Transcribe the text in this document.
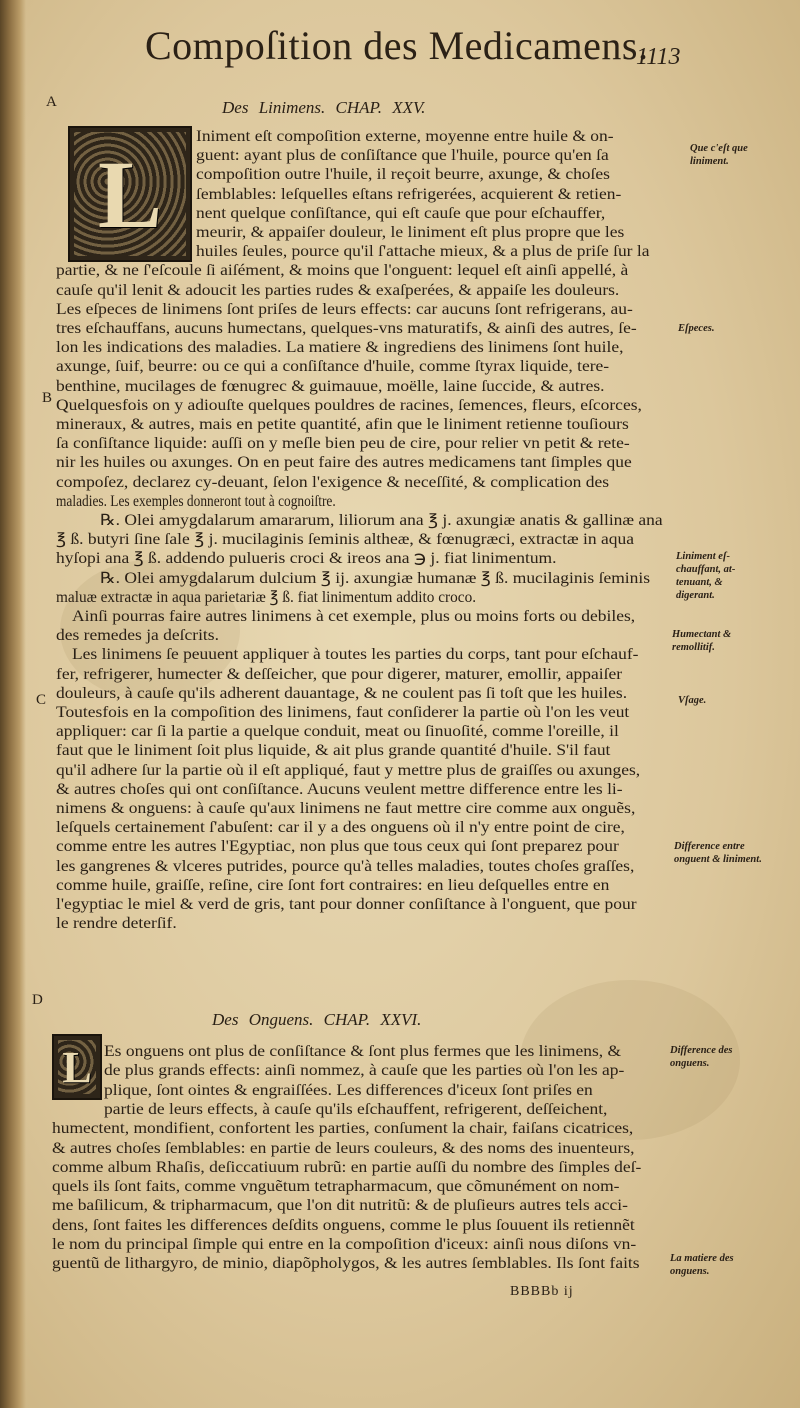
Compoſition des Medicamens.
1113
A
B
C
D
Des Linimens. CHAP. XXV.
L
Iniment eſt compoſition externe, moyenne entre huile & on-
guent: ayant plus de conſiſtance que l'huile, pource qu'en ſa
compoſition outre l'huile, il reçoit beurre, axunge, & choſes
ſemblables: leſquelles eſtans refrigerées, acquierent & retien-
nent quelque conſiſtance, qui eſt cauſe que pour eſchauffer,
meurir, & appaiſer douleur, le liniment eſt plus propre que les
huiles ſeules, pource qu'il ſ'attache mieux, & a plus de priſe ſur la
partie, & ne ſ'eſcoule ſi aiſément, & moins que l'onguent: lequel eſt ainſi appellé, à
cauſe qu'il lenit & adoucit les parties rudes & exaſperées, & appaiſe les douleurs.
Les eſpeces de linimens ſont priſes de leurs effects: car aucuns ſont refrigerans, au-
tres eſchauffans, aucuns humectans, quelques-vns maturatifs, & ainſi des autres, ſe-
lon les indications des maladies. La matiere & ingrediens des linimens ſont huile,
axunge, ſuif, beurre: ou ce qui a conſiſtance d'huile, comme ſtyrax liquide, tere-
benthine, mucilages de fœnugrec & guimauue, moëlle, laine ſuccide, & autres.
Quelquesfois on y adiouſte quelques pouldres de racines, ſemences, fleurs, eſcorces,
mineraux, & autres, mais en petite quantité, afin que le liniment retienne touſiours
ſa conſiſtance liquide: auſſi on y meſle bien peu de cire, pour relier vn petit & rete-
nir les huiles ou axunges. On en peut faire des autres medicamens tant ſimples que
compoſez, declarez cy-deuant, ſelon l'exigence & neceſſité, & complication des
maladies. Les exemples donneront tout à cognoiſtre.
℞. Olei amygdalarum amararum, liliorum ana ℥ j. axungiæ anatis & gallinæ ana
℥ ß. butyri ſine ſale ℥ j. mucilaginis ſeminis altheæ, & fœnugræci, extractæ in aqua
hyſopi ana ℥ ß. addendo pulueris croci & ireos ana ℈ j. fiat linimentum.
℞. Olei amygdalarum dulcium ℥ ij. axungiæ humanæ ℥ ß. mucilaginis ſeminis
maluæ extractæ in aqua parietariæ ℥ ß. fiat linimentum addito croco.
Ainſi pourras faire autres linimens à cet exemple, plus ou moins forts ou debiles,
des remedes ja deſcrits.
Les linimens ſe peuuent appliquer à toutes les parties du corps, tant pour eſchauf-
fer, refrigerer, humecter & deſſeicher, que pour digerer, maturer, emollir, appaiſer
douleurs, à cauſe qu'ils adherent dauantage, & ne coulent pas ſi toſt que les huiles.
Toutesfois en la compoſition des linimens, faut conſiderer la partie où l'on les veut
appliquer: car ſi la partie a quelque conduit, meat ou ſinuoſité, comme l'oreille, il
faut que le liniment ſoit plus liquide, & ait plus grande quantité d'huile. S'il faut
qu'il adhere ſur la partie où il eſt appliqué, faut y mettre plus de graiſſes ou axunges,
& autres choſes qui ont conſiſtance. Aucuns veulent mettre difference entre les li-
nimens & onguens: à cauſe qu'aux linimens ne faut mettre cire comme aux onguẽs,
leſquels certainement ſ'abuſent: car il y a des onguens où il n'y entre point de cire,
comme entre les autres l'Egyptiac, non plus que tous ceux qui ſont preparez pour
les gangrenes & vlceres putrides, pource qu'à telles maladies, toutes choſes graſſes,
comme huile, graiſſe, reſine, cire ſont fort contraires: en lieu deſquelles entre en
l'egyptiac le miel & verd de gris, tant pour donner conſiſtance à l'onguent, que pour
le rendre deterſif.
Que c'eſt que liniment.
Eſpeces.
Liniment eſ-chauffant, at-tenuant, & digerant.
Humectant & remollitif.
Vſage.
Difference entre onguent & liniment.
Des Onguens. CHAP. XXVI.
L Es onguens ont plus de conſiſtance & ſont plus fermes que les linimens, &
de plus grands effects: ainſi nommez, à cauſe que les parties où l'on les ap-
plique, ſont ointes & engraiſſées. Les differences d'iceux ſont priſes en
partie de leurs effects, à cauſe qu'ils eſchauffent, refrigerent, deſſeichent,
humectent, mondifient, confortent les parties, conſument la chair, faiſans cicatrices,
& autres choſes ſemblables: en partie de leurs couleurs, & des noms des inuenteurs,
comme album Rhaſis, deſiccatiuum rubrũ: en partie auſſi du nombre des ſimples deſ-
quels ils ſont faits, comme vnguẽtum tetrapharmacum, que cõmunément on nom-
me baſilicum, & tripharmacum, que l'on dit nutritũ: & de pluſieurs autres tels acci-
dens, ſont faites les differences deſdits onguens, comme le plus ſouuent ils retiennẽt
le nom du principal ſimple qui entre en la compoſition d'iceux: ainſi nous diſons vn-
guentũ de lithargyro, de minio, diapõpholygos, & les autres ſemblables. Ils ſont faits
Difference des onguens.
La matiere des onguens.
BBBBb ij
